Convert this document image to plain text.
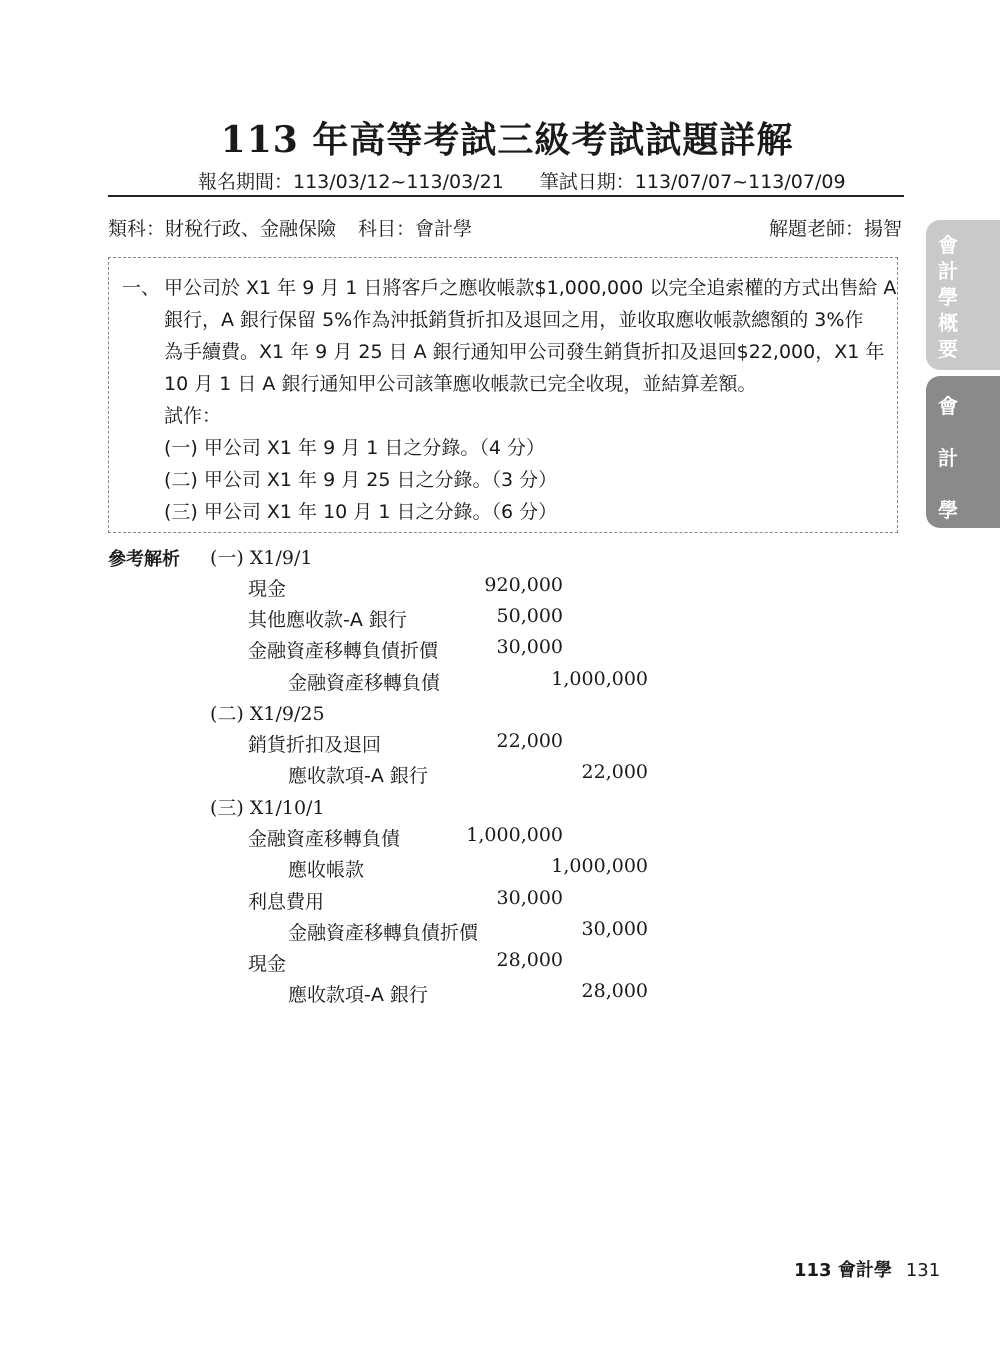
113 年高等考試三級考試試題詳解
報名期間：113/03/12~113/03/21 筆試日期：113/07/07~113/07/09
類科：財稅行政、金融保險 科目：會計學	解題老師：揚智
會
計
學
概
要
會
計
學
一、 甲公司於 X1 年 9 月 1 日將客戶之應收帳款$1,000,000 以完全追索權的方式出售給 A
銀行，A 銀行保留 5%作為沖抵銷貨折扣及退回之用，並收取應收帳款總額的 3%作
為手續費。X1 年 9 月 25 日 A 銀行通知甲公司發生銷貨折扣及退回$22,000，X1 年
10 月 1 日 A 銀行通知甲公司該筆應收帳款已完全收現，並結算差額。
試作：
(一) 甲公司 X1 年 9 月 1 日之分錄。（4 分）
(二) 甲公司 X1 年 9 月 25 日之分錄。（3 分）
(三) 甲公司 X1 年 10 月 1 日之分錄。（6 分）
參考解析 (一) X1/9/1
現金	920,000
其他應收款-A 銀行	50,000
金融資產移轉負債折價	30,000
金融資產移轉負債	1,000,000
(二) X1/9/25
銷貨折扣及退回	22,000
應收款項-A 銀行	22,000
(三) X1/10/1
金融資產移轉負債	1,000,000
應收帳款	1,000,000
利息費用	30,000
金融資產移轉負債折價	30,000
現金	28,000
應收款項-A 銀行	28,000
113 會計學 131
